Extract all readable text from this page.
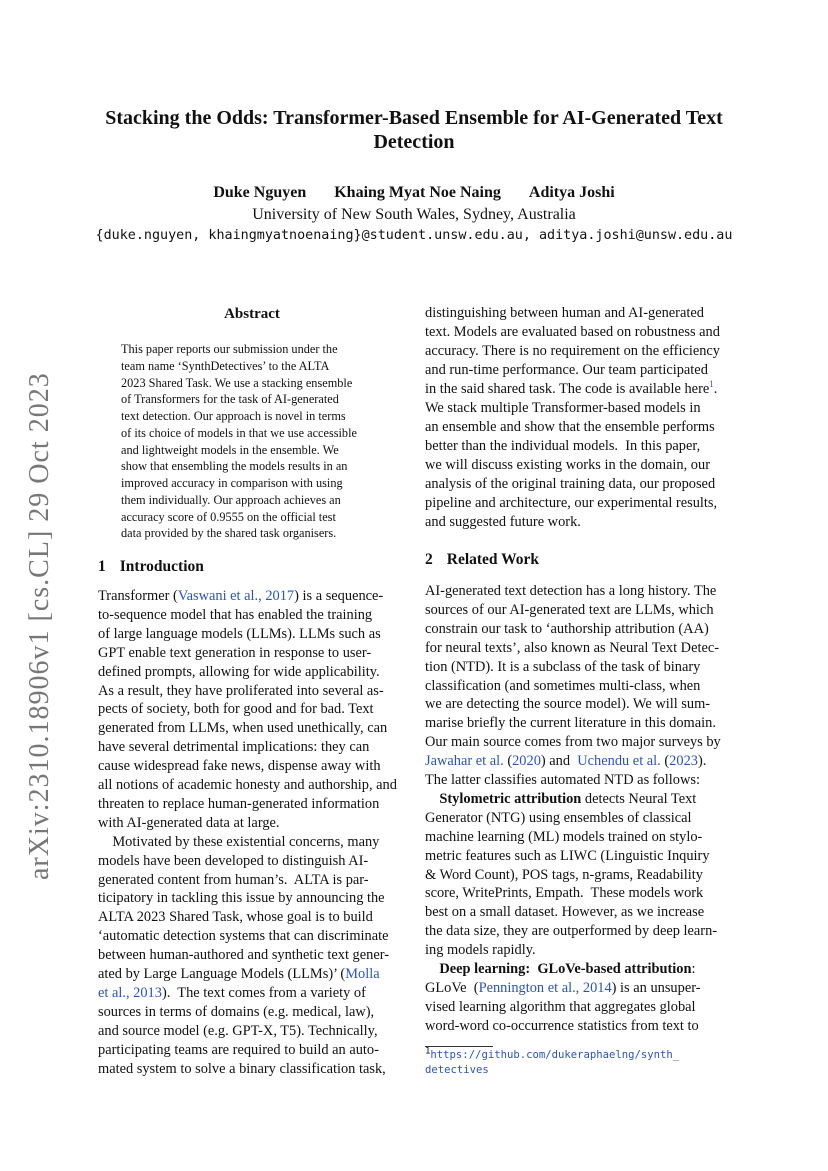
Stacking the Odds: Transformer-Based Ensemble for AI-Generated Text Detection
Duke Nguyen Khaing Myat Noe Naing Aditya Joshi
University of New South Wales, Sydney, Australia
{duke.nguyen, khaingmyatnoenaing}@student.unsw.edu.au, aditya.joshi@unsw.edu.au
arXiv:2310.18906v1 [cs.CL] 29 Oct 2023
Abstract
This paper reports our submission under the
team name ‘SynthDetectives’ to the ALTA
2023 Shared Task. We use a stacking ensemble
of Transformers for the task of AI-generated
text detection. Our approach is novel in terms
of its choice of models in that we use accessible
and lightweight models in the ensemble. We
show that ensembling the models results in an
improved accuracy in comparison with using
them individually. Our approach achieves an
accuracy score of 0.9555 on the official test
data provided by the shared task organisers.
1 Introduction
Transformer (Vaswani et al., 2017) is a sequence-
to-sequence model that has enabled the training
of large language models (LLMs). LLMs such as
GPT enable text generation in response to user-
defined prompts, allowing for wide applicability.
As a result, they have proliferated into several as-
pects of society, both for good and for bad. Text
generated from LLMs, when used unethically, can
have several detrimental implications: they can
cause widespread fake news, dispense away with
all notions of academic honesty and authorship, and
threaten to replace human-generated information
with AI-generated data at large.
Motivated by these existential concerns, many
models have been developed to distinguish AI-
generated content from human’s.  ALTA is par-
ticipatory in tackling this issue by announcing the
ALTA 2023 Shared Task, whose goal is to build
‘automatic detection systems that can discriminate
between human-authored and synthetic text gener-
ated by Large Language Models (LLMs)’ (Molla
et al., 2013).  The text comes from a variety of
sources in terms of domains (e.g. medical, law),
and source model (e.g. GPT-X, T5). Technically,
participating teams are required to build an auto-
mated system to solve a binary classification task,
distinguishing between human and AI-generated
text. Models are evaluated based on robustness and
accuracy. There is no requirement on the efficiency
and run-time performance. Our team participated
in the said shared task. The code is available here$^1$.
We stack multiple Transformer-based models in
an ensemble and show that the ensemble performs
better than the individual models.  In this paper,
we will discuss existing works in the domain, our
analysis of the original training data, our proposed
pipeline and architecture, our experimental results,
and suggested future work.
2 Related Work
AI-generated text detection has a long history. The
sources of our AI-generated text are LLMs, which
constrain our task to ‘authorship attribution (AA)
for neural texts’, also known as Neural Text Detec-
tion (NTD). It is a subclass of the task of binary
classification (and sometimes multi-class, when
we are detecting the source model). We will sum-
marise briefly the current literature in this domain.
Our main source comes from two major surveys by
Jawahar et al. (2020) and  Uchendu et al. (2023).
The latter classifies automated NTD as follows:
Stylometric attribution detects Neural Text
Generator (NTG) using ensembles of classical
machine learning (ML) models trained on stylo-
metric features such as LIWC (Linguistic Inquiry
& Word Count), POS tags, n-grams, Readability
score, WritePrints, Empath.  These models work
best on a small dataset. However, as we increase
the data size, they are outperformed by deep learn-
ing models rapidly.
Deep learning:  GLoVe-based attribution:
GLoVe  (Pennington et al., 2014) is an unsuper-
vised learning algorithm that aggregates global
word-word co-occurrence statistics from text to
$^1$https://github.com/dukeraphaelng/synth_
detectives
